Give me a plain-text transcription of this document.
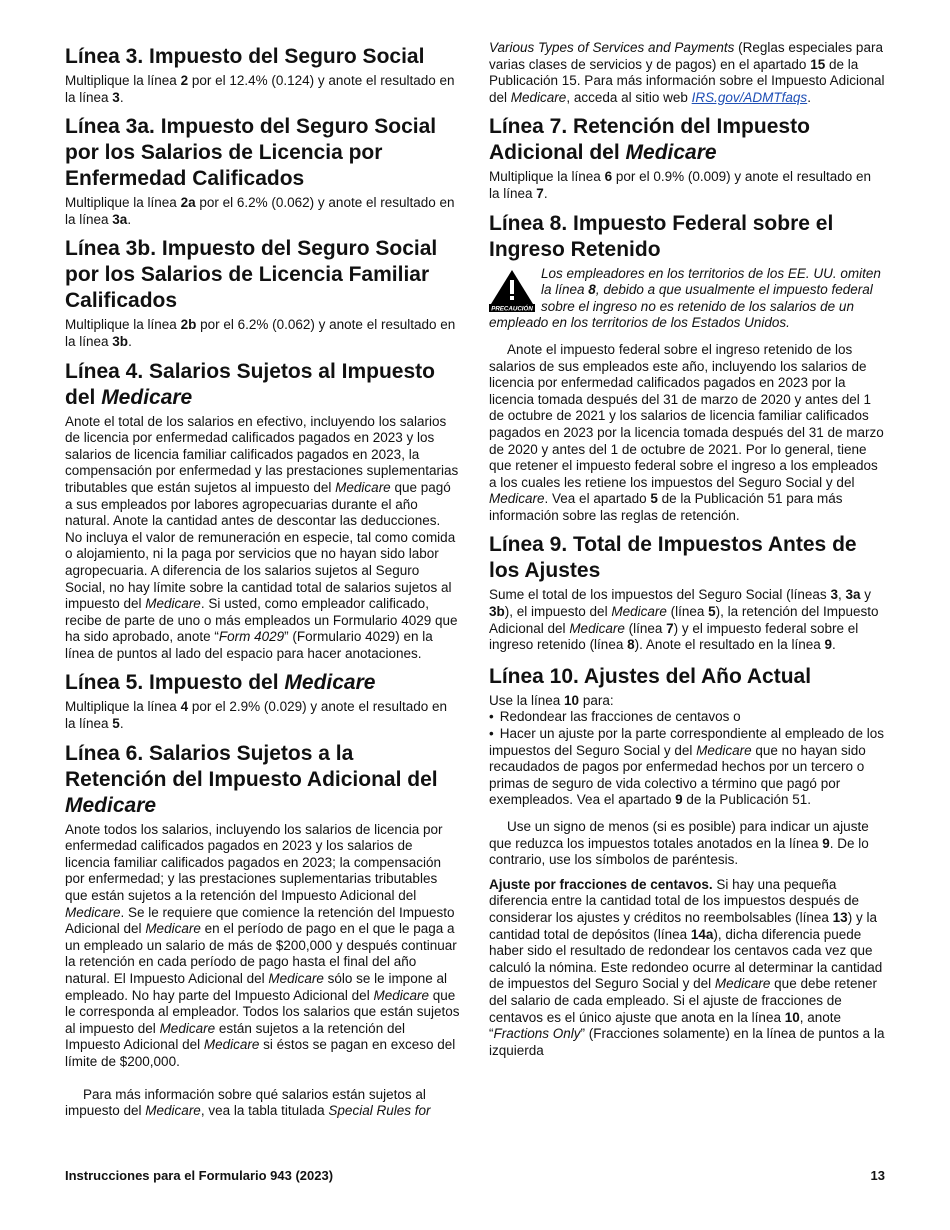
Línea 3. Impuesto del Seguro Social

Multiplique la línea 2 por el 12.4% (0.124) y anote el resultado en la línea 3.

Línea 3a. Impuesto del Seguro Social por los Salarios de Licencia por Enfermedad Calificados

Multiplique la línea 2a por el 6.2% (0.062) y anote el resultado en la línea 3a.

Línea 3b. Impuesto del Seguro Social por los Salarios de Licencia Familiar Calificados

Multiplique la línea 2b por el 6.2% (0.062) y anote el resultado en la línea 3b.

Línea 4. Salarios Sujetos al Impuesto del Medicare

Anote el total de los salarios en efectivo, incluyendo los salarios de licencia por enfermedad calificados pagados en 2023 y los salarios de licencia familiar calificados pagados en 2023, la compensación por enfermedad y las prestaciones suplementarias tributables que están sujetos al impuesto del Medicare que pagó a sus empleados por labores agropecuarias durante el año natural. Anote la cantidad antes de descontar las deducciones. No incluya el valor de remuneración en especie, tal como comida o alojamiento, ni la paga por servicios que no hayan sido labor agropecuaria. A diferencia de los salarios sujetos al Seguro Social, no hay límite sobre la cantidad total de salarios sujetos al impuesto del Medicare. Si usted, como empleador calificado, recibe de parte de uno o más empleados un Formulario 4029 que ha sido aprobado, anote “Form 4029” (Formulario 4029) en la línea de puntos al lado del espacio para hacer anotaciones.

Línea 5. Impuesto del Medicare

Multiplique la línea 4 por el 2.9% (0.029) y anote el resultado en la línea 5.

Línea 6. Salarios Sujetos a la Retención del Impuesto Adicional del Medicare

Anote todos los salarios, incluyendo los salarios de licencia por enfermedad calificados pagados en 2023 y los salarios de licencia familiar calificados pagados en 2023; la compensación por enfermedad; y las prestaciones suplementarias tributables que están sujetos a la retención del Impuesto Adicional del Medicare. Se le requiere que comience la retención del Impuesto Adicional del Medicare en el período de pago en el que le paga a un empleado un salario de más de $200,000 y después continuar la retención en cada período de pago hasta el final del año natural. El Impuesto Adicional del Medicare sólo se le impone al empleado. No hay parte del Impuesto Adicional del Medicare que le corresponda al empleador. Todos los salarios que están sujetos al impuesto del Medicare están sujetos a la retención del Impuesto Adicional del Medicare si éstos se pagan en exceso del límite de $200,000.

Para más información sobre qué salarios están sujetos al impuesto del Medicare, vea la tabla titulada Special Rules for

Various Types of Services and Payments (Reglas especiales para varias clases de servicios y de pagos) en el apartado 15 de la Publicación 15. Para más información sobre el Impuesto Adicional del Medicare, acceda al sitio web IRS.gov/ADMTfaqs.

Línea 7. Retención del Impuesto Adicional del Medicare

Multiplique la línea 6 por el 0.9% (0.009) y anote el resultado en la línea 7.

Línea 8. Impuesto Federal sobre el Ingreso Retenido
PRECAUCIÓN
Los empleadores en los territorios de los EE. UU. omiten la línea 8, debido a que usualmente el impuesto federal sobre el ingreso no es retenido de los salarios de un empleado en los territorios de los Estados Unidos.

Anote el impuesto federal sobre el ingreso retenido de los salarios de sus empleados este año, incluyendo los salarios de licencia por enfermedad calificados pagados en 2023 por la licencia tomada después del 31 de marzo de 2020 y antes del 1 de octubre de 2021 y los salarios de licencia familiar calificados pagados en 2023 por la licencia tomada después del 31 de marzo de 2020 y antes del 1 de octubre de 2021. Por lo general, tiene que retener el impuesto federal sobre el ingreso a los empleados a los cuales les retiene los impuestos del Seguro Social y del Medicare. Vea el apartado 5 de la Publicación 51 para más información sobre las reglas de retención.

Línea 9. Total de Impuestos Antes de los Ajustes

Sume el total de los impuestos del Seguro Social (líneas 3, 3a y 3b), el impuesto del Medicare (línea 5), la retención del Impuesto Adicional del Medicare (línea 7) y el impuesto federal sobre el ingreso retenido (línea 8). Anote el resultado en la línea 9.

Línea 10. Ajustes del Año Actual

Use la línea 10 para:

• Redondear las fracciones de centavos o
• Hacer un ajuste por la parte correspondiente al empleado de los impuestos del Seguro Social y del Medicare que no hayan sido recaudados de pagos por enfermedad hechos por un tercero o primas de seguro de vida colectivo a término que pagó por exempleados. Vea el apartado 9 de la Publicación 51.

Use un signo de menos (si es posible) para indicar un ajuste que reduzca los impuestos totales anotados en la línea 9. De lo contrario, use los símbolos de paréntesis.

Ajuste por fracciones de centavos. Si hay una pequeña diferencia entre la cantidad total de los impuestos después de considerar los ajustes y créditos no reembolsables (línea 13) y la cantidad total de depósitos (línea 14a), dicha diferencia puede haber sido el resultado de redondear los centavos cada vez que calculó la nómina. Este redondeo ocurre al determinar la cantidad de impuestos del Seguro Social y del Medicare que debe retener del salario de cada empleado. Si el ajuste de fracciones de centavos es el único ajuste que anota en la línea 10, anote “Fractions Only” (Fracciones solamente) en la línea de puntos a la izquierda

Instrucciones para el Formulario 943 (2023)	13
